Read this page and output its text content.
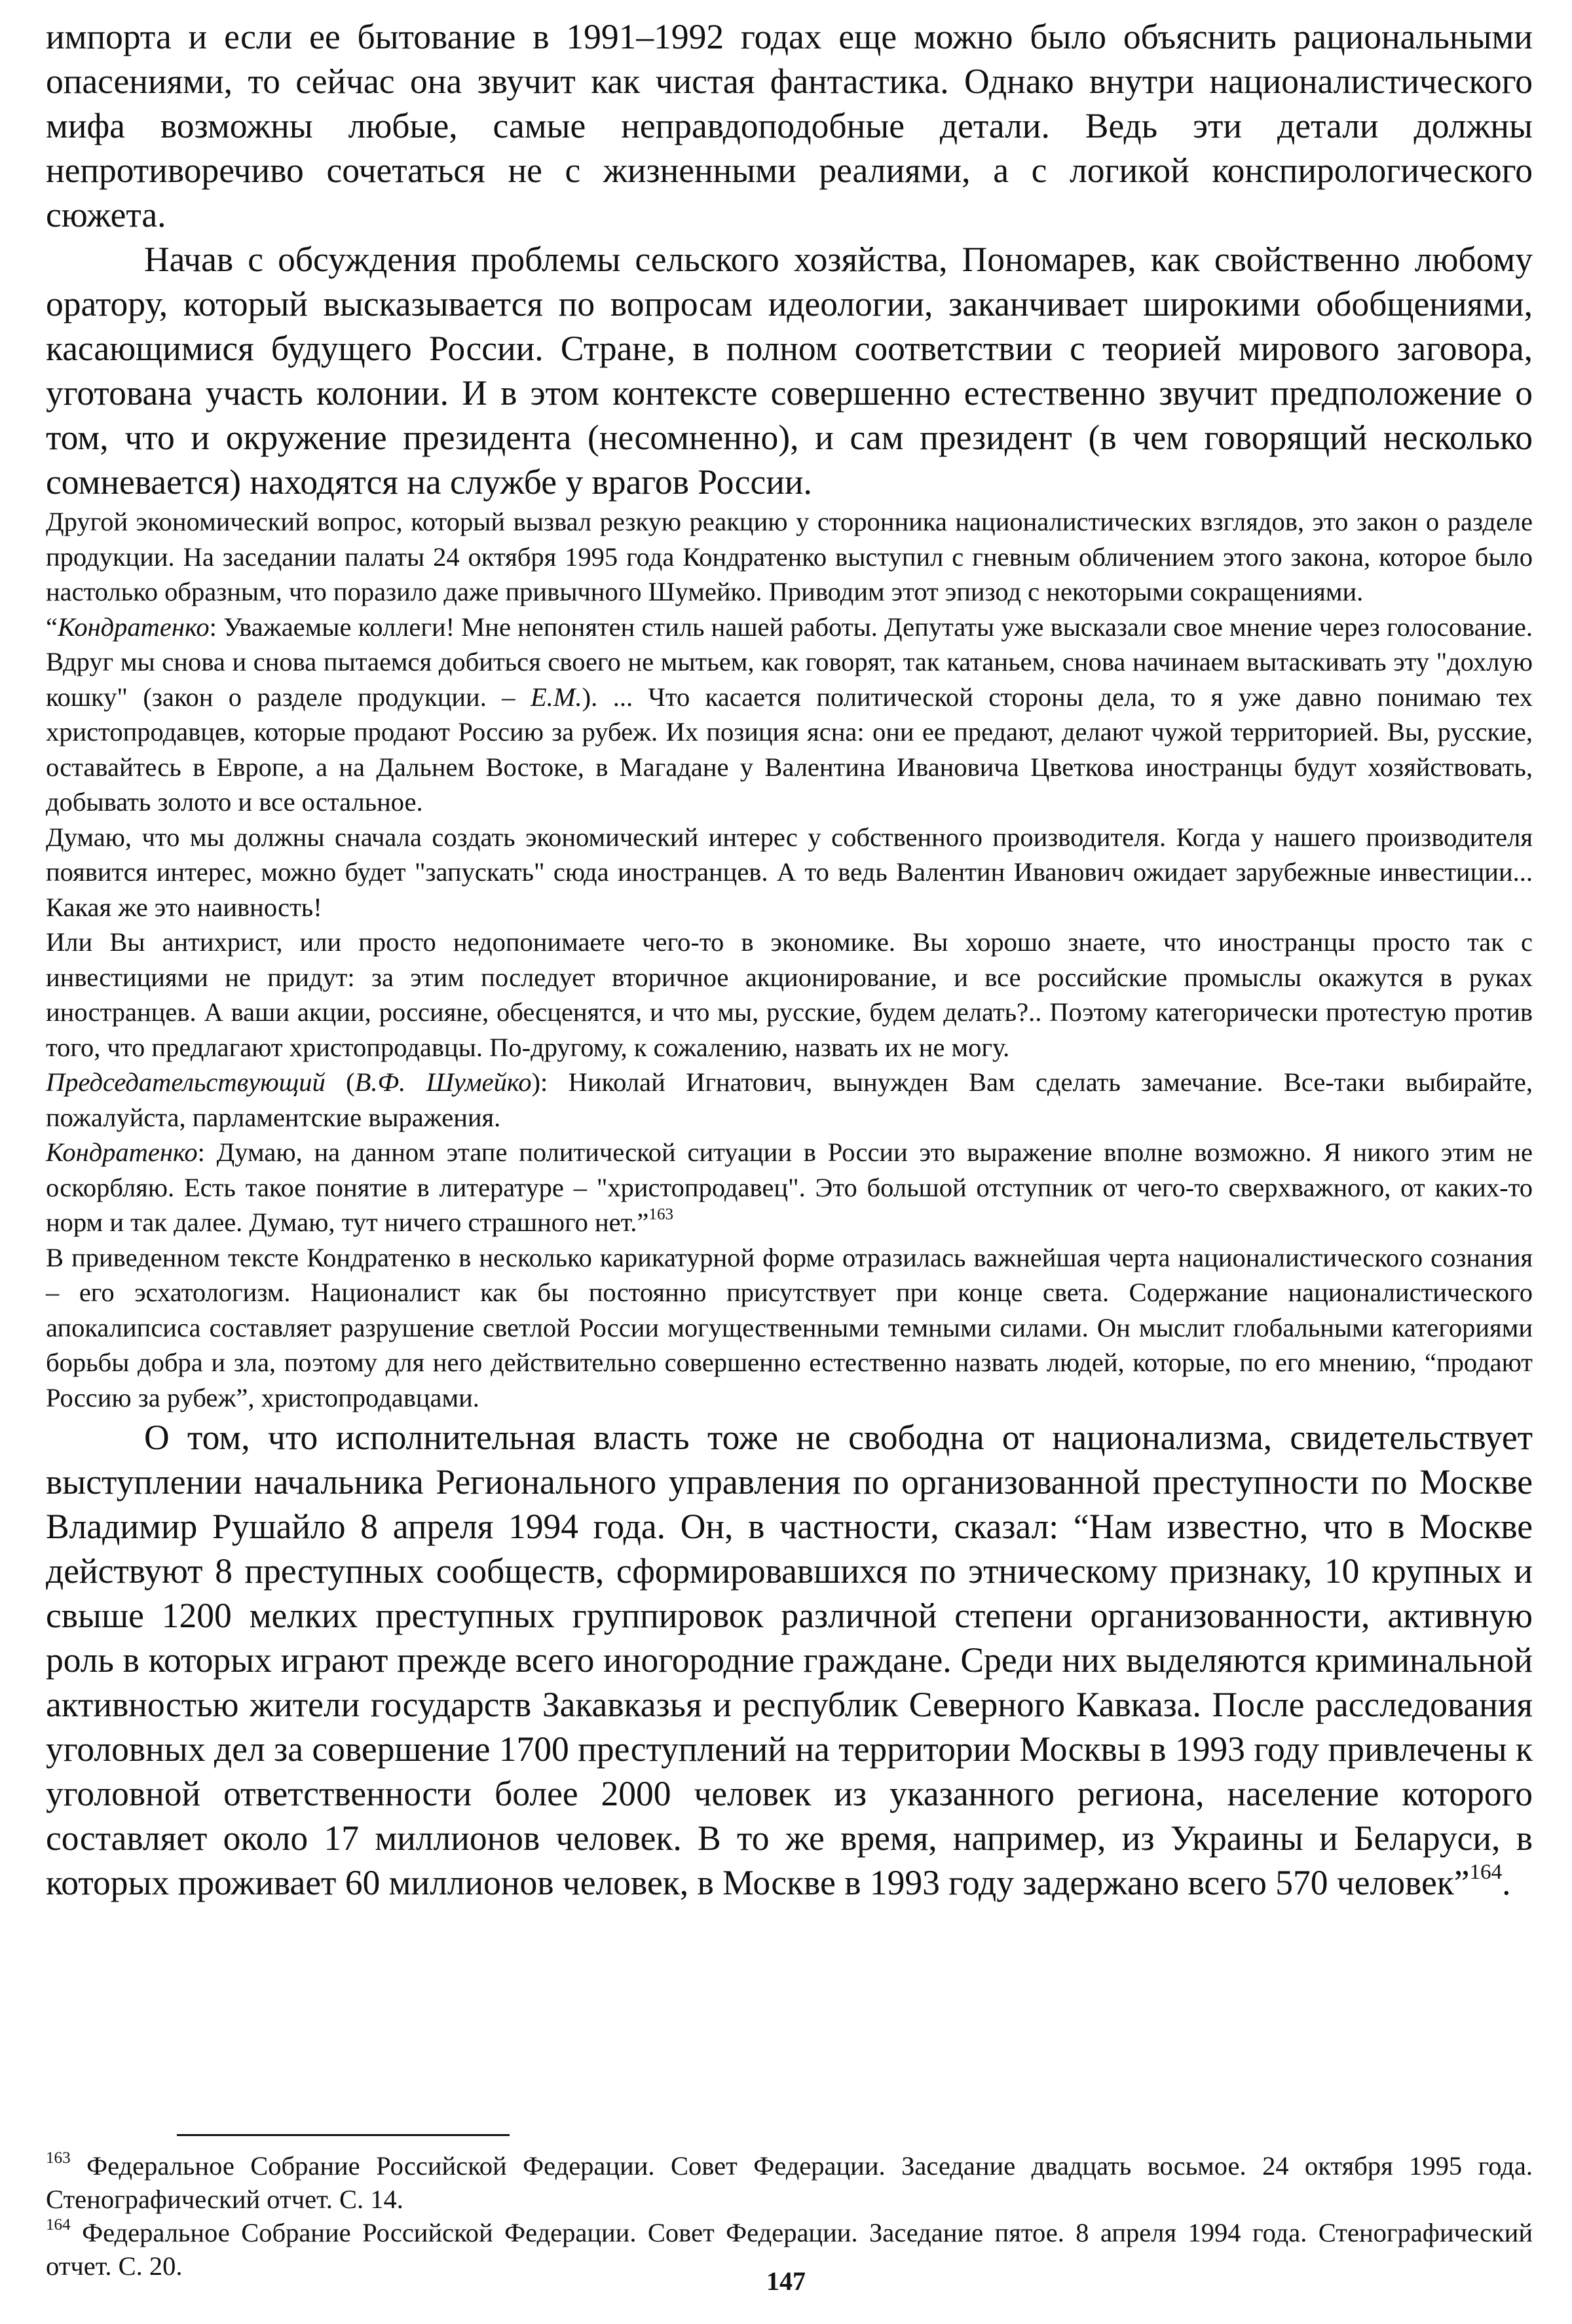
импорта и если ее бытование в 1991–1992 годах еще можно было объяснить рациональными опасениями, то сейчас она звучит как чистая фантастика. Однако внутри националистического мифа возможны любые, самые неправдоподобные детали. Ведь эти детали должны непротиворечиво сочетаться не с жизненными реалиями, а с логикой конспирологического сюжета.

Начав с обсуждения проблемы сельского хозяйства, Пономарев, как свойственно любому оратору, который высказывается по вопросам идеологии, заканчивает широкими обобщениями, касающимися будущего России. Стране, в полном соответствии с теорией мирового заговора, уготована участь колонии. И в этом контексте совершенно естественно звучит предположение о том, что и окружение президента (несомненно), и сам президент (в чем говорящий несколько сомневается) находятся на службе у врагов России.

Другой экономический вопрос, который вызвал резкую реакцию у сторонника националистических взглядов, это закон о разделе продукции. На заседании палаты 24 октября 1995 года Кондратенко выступил с гневным обличением этого закона, которое было настолько образным, что поразило даже привычного Шумейко. Приводим этот эпизод с некоторыми сокращениями.

“Кондратенко: Уважаемые коллеги! Мне непонятен стиль нашей работы. Депутаты уже высказали свое мнение через голосование. Вдруг мы снова и снова пытаемся добиться своего не мытьем, как говорят, так катаньем, снова начинаем вытаскивать эту "дохлую кошку" (закон о разделе продукции. – Е.М.). ... Что касается политической стороны дела, то я уже давно понимаю тех христопродавцев, которые продают Россию за рубеж. Их позиция ясна: они ее предают, делают чужой территорией. Вы, русские, оставайтесь в Европе, а на Дальнем Востоке, в Магадане у Валентина Ивановича Цветкова иностранцы будут хозяйствовать, добывать золото и все остальное.

Думаю, что мы должны сначала создать экономический интерес у собственного производителя. Когда у нашего производителя появится интерес, можно будет "запускать" сюда иностранцев. А то ведь Валентин Иванович ожидает зарубежные инвестиции... Какая же это наивность!

Или Вы антихрист, или просто недопонимаете чего-то в экономике. Вы хорошо знаете, что иностранцы просто так с инвестициями не придут: за этим последует вторичное акционирование, и все российские промыслы окажутся в руках иностранцев. А ваши акции, россияне, обесценятся, и что мы, русские, будем делать?.. Поэтому категорически протестую против того, что предлагают христопродавцы. По-другому, к сожалению, назвать их не могу.

Председательствующий (В.Ф. Шумейко): Николай Игнатович, вынужден Вам сделать замечание. Все-таки выбирайте, пожалуйста, парламентские выражения.

Кондратенко: Думаю, на данном этапе политической ситуации в России это выражение вполне возможно. Я никого этим не оскорбляю. Есть такое понятие в литературе – "христопродавец". Это большой отступник от чего-то сверхважного, от каких-то норм и так далее. Думаю, тут ничего страшного нет.”$^{163}$

В приведенном тексте Кондратенко в несколько карикатурной форме отразилась важнейшая черта националистического сознания – его эсхатологизм. Националист как бы постоянно присутствует при конце света. Содержание националистического апокалипсиса составляет разрушение светлой России могущественными темными силами. Он мыслит глобальными категориями борьбы добра и зла, поэтому для него действительно совершенно естественно назвать людей, которые, по его мнению, “продают Россию за рубеж”, христопродавцами.

О том, что исполнительная власть тоже не свободна от национализма, свидетельствует выступлении начальника Регионального управления по организованной преступности по Москве Владимир Рушайло 8 апреля 1994 года. Он, в частности, сказал: “Нам известно, что в Москве действуют 8 преступных сообществ, сформировавшихся по этническому признаку, 10 крупных и свыше 1200 мелких преступных группировок различной степени организованности, активную роль в которых играют прежде всего иногородние граждане. Среди них выделяются криминальной активностью жители государств Закавказья и республик Северного Кавказа. После расследования уголовных дел за совершение 1700 преступлений на территории Москвы в 1993 году привлечены к уголовной ответственности более 2000 человек из указанного региона, население которого составляет около 17 миллионов человек. В то же время, например, из Украины и Беларуси, в которых проживает 60 миллионов человек, в Москве в 1993 году задержано всего 570 человек”$^{164}$.

$^{163}$ Федеральное Собрание Российской Федерации. Совет Федерации. Заседание двадцать восьмое. 24 октября 1995 года. Стенографический отчет. С. 14.

$^{164}$ Федеральное Собрание Российской Федерации. Совет Федерации. Заседание пятое. 8 апреля 1994 года. Стенографический отчет. С. 20.

147
